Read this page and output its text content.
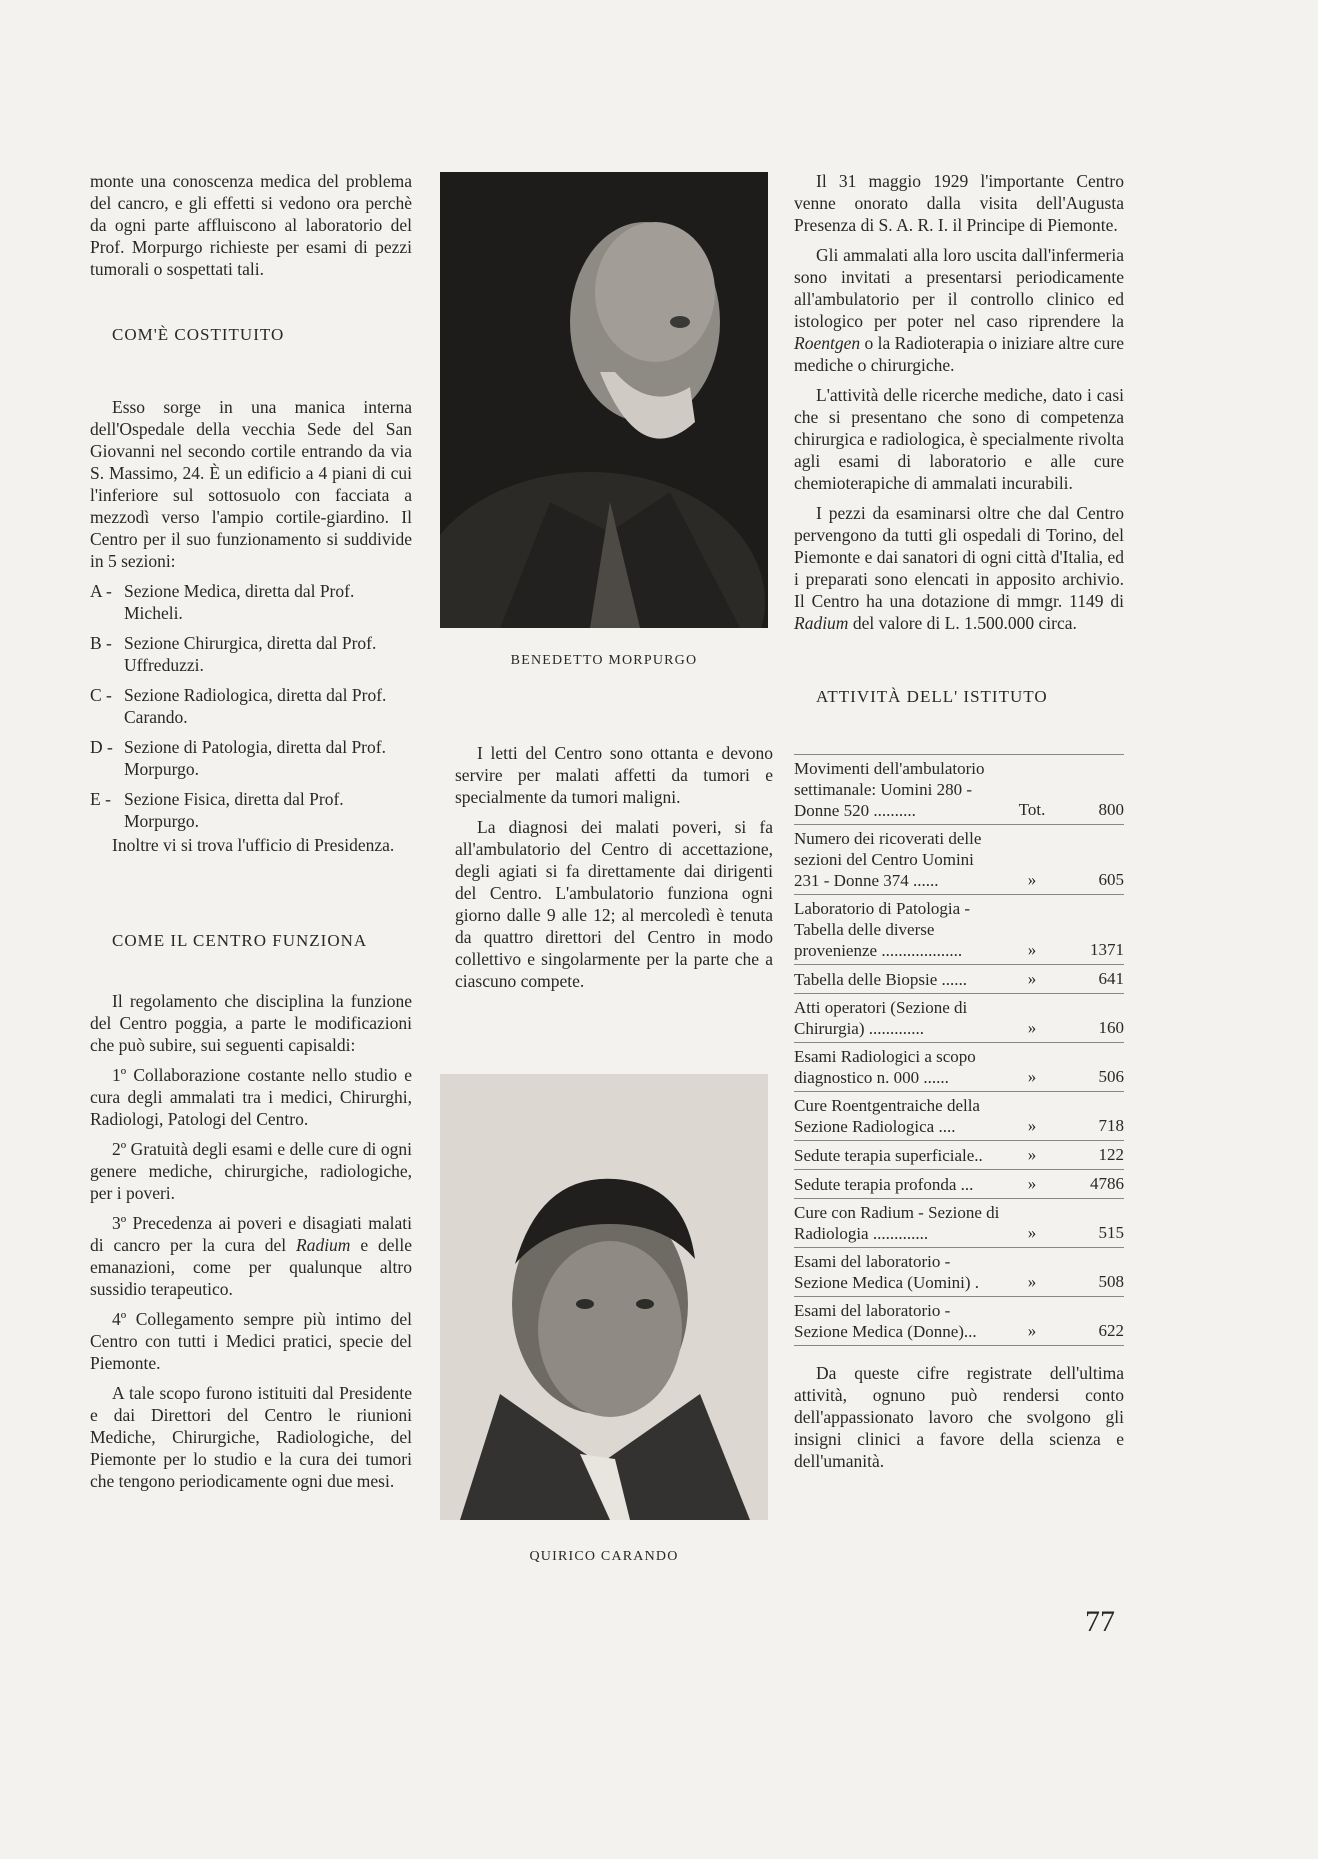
monte una conoscenza medica del problema del cancro, e gli effetti si vedono ora perchè da ogni parte affluiscono al laboratorio del Prof. Morpurgo richieste per esami di pezzi tumorali o sospettati tali.

COM'È COSTITUITO

Esso sorge in una manica interna dell'Ospedale della vecchia Sede del San Giovanni nel secondo cortile entrando da via S. Massimo, 24. È un edificio a 4 piani di cui l'inferiore sul sottosuolo con facciata a mezzodì verso l'ampio cortile-giardino. Il Centro per il suo funzionamento si suddivide in 5 sezioni:

A - Sezione Medica, diretta dal Prof. Micheli.
B - Sezione Chirurgica, diretta dal Prof. Uffreduzzi.
C - Sezione Radiologica, diretta dal Prof. Carando.
D - Sezione di Patologia, diretta dal Prof. Morpurgo.
E - Sezione Fisica, diretta dal Prof. Morpurgo.

Inoltre vi si trova l'ufficio di Presidenza.

COME IL CENTRO FUNZIONA

Il regolamento che disciplina la funzione del Centro poggia, a parte le modificazioni che può subire, sui seguenti capisaldi:

1º Collaborazione costante nello studio e cura degli ammalati tra i medici, Chirurghi, Radiologi, Patologi del Centro.

2º Gratuità degli esami e delle cure di ogni genere mediche, chirurgiche, radiologiche, per i poveri.

3º Precedenza ai poveri e disagiati malati di cancro per la cura del Radium e delle emanazioni, come per qualunque altro sussidio terapeutico.

4º Collegamento sempre più intimo del Centro con tutti i Medici pratici, specie del Piemonte.

A tale scopo furono istituiti dal Presidente e dai Direttori del Centro le riunioni Mediche, Chirurgiche, Radiologiche, del Piemonte per lo studio e la cura dei tumori che tengono periodicamente ogni due mesi.

BENEDETTO MORPURGO

I letti del Centro sono ottanta e devono servire per malati affetti da tumori e specialmente da tumori maligni.

La diagnosi dei malati poveri, si fa all'ambulatorio del Centro di accettazione, degli agiati si fa direttamente dai dirigenti del Centro. L'ambulatorio funziona ogni giorno dalle 9 alle 12; al mercoledì è tenuta da quattro direttori del Centro in modo collettivo e singolarmente per la parte che a ciascuno compete.

QUIRICO CARANDO

Il 31 maggio 1929 l'importante Centro venne onorato dalla visita dell'Augusta Presenza di S. A. R. I. il Principe di Piemonte.

Gli ammalati alla loro uscita dall'infermeria sono invitati a presentarsi periodicamente all'ambulatorio per il controllo clinico ed istologico per poter nel caso riprendere la Roentgen o la Radioterapia o iniziare altre cure mediche o chirurgiche.

L'attività delle ricerche mediche, dato i casi che si presentano che sono di competenza chirurgica e radiologica, è specialmente rivolta agli esami di laboratorio e alle cure chemioterapiche di ammalati incurabili.

I pezzi da esaminarsi oltre che dal Centro pervengono da tutti gli ospedali di Torino, del Piemonte e dai sanatori di ogni città d'Italia, ed i preparati sono elencati in apposito archivio. Il Centro ha una dotazione di mmgr. 1149 di Radium del valore di L. 1.500.000 circa.

ATTIVITÀ DELL' ISTITUTO

Movimenti dell'ambulatorio settimanale: Uomini 280 - Donne 520 ..........	Tot.	800
Numero dei ricoverati delle sezioni del Centro Uomini 231 - Donne 374 ......	»	605
Laboratorio di Patologia - Tabella delle diverse provenienze ...................	»	1371
Tabella delle Biopsie ......	»	641
Atti operatori (Sezione di Chirurgia) .............	»	160
Esami Radiologici a scopo diagnostico n. 000 ......	»	506
Cure Roentgentraiche della Sezione Radiologica ....	»	718
Sedute terapia superficiale..	»	122
Sedute terapia profonda ...	»	4786
Cure con Radium - Sezione di Radiologia .............	»	515
Esami del laboratorio - Sezione Medica (Uomini) .	»	508
Esami del laboratorio - Sezione Medica (Donne)...	»	622

Da queste cifre registrate dell'ultima attività, ognuno può rendersi conto dell'appassionato lavoro che svolgono gli insigni clinici a favore della scienza e dell'umanità.

77
